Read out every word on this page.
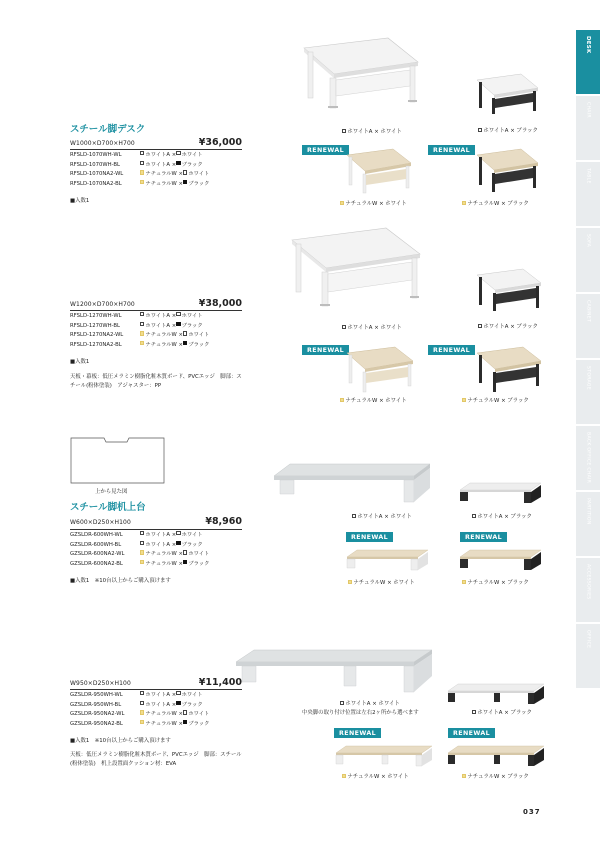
DESK
CHAIR
TABLE
SOFA
CABINET
STORAGE
BACK OFFICE CHAIR
PARTITION
ACCESSORIES
OFFICE
スチール脚デスク
W1000×D700×H700	¥36,000
RFSLD-1070WH-WL	ホワイトA × ホワイト
RFSLD-1070WH-BL	ホワイトA × ブラック
RFSLD-1070NA2-WL	ナチュラルW × ホワイト
RFSLD-1070NA2-BL	ナチュラルW × ブラック
■入数1
ホワイトA × ホワイト	ホワイトA × ブラック
RENEWAL
ナチュラルW × ホワイト
RENEWAL
ナチュラルW × ブラック
W1200×D700×H700	¥38,000
RFSLD-1270WH-WL	ホワイトA × ホワイト
RFSLD-1270WH-BL	ホワイトA × ブラック
RFSLD-1270NA2-WL	ナチュラルW × ホワイト
RFSLD-1270NA2-BL	ナチュラルW × ブラック
■入数1
天板・幕板：低圧メラミン樹脂化粧木質ボード、PVCエッジ　脚部：スチール(粉体塗装)　アジャスター：PP
ホワイトA × ホワイト	ホワイトA × ブラック
RENEWAL
ナチュラルW × ホワイト
RENEWAL
ナチュラルW × ブラック
上から見た図
スチール脚机上台
W600×D250×H100	¥8,960
GZSLDR-600WH-WL	ホワイトA × ホワイト
GZSLDR-600WH-BL	ホワイトA × ブラック
GZSLDR-600NA2-WL	ナチュラルW × ホワイト
GZSLDR-600NA2-BL	ナチュラルW × ブラック
■入数1　※10台以上からご購入頂けます
ホワイトA × ホワイト	ホワイトA × ブラック
RENEWAL
ナチュラルW × ホワイト
RENEWAL
ナチュラルW × ブラック
W950×D250×H100	¥11,400
GZSLDR-950WH-WL	ホワイトA × ホワイト
GZSLDR-950WH-BL	ホワイトA × ブラック
GZSLDR-950NA2-WL	ナチュラルW × ホワイト
GZSLDR-950NA2-BL	ナチュラルW × ブラック
■入数1　※10台以上からご購入頂けます
天板：低圧メラミン樹脂化粧木質ボード、PVCエッジ　脚部：スチール(粉体塗装)　机上設置面クッション材：EVA
ホワイトA × ホワイト
中央脚の取り付け位置は左右2ヶ所から選べます	ホワイトA × ブラック
RENEWAL
ナチュラルW × ホワイト
RENEWAL
ナチュラルW × ブラック
037
